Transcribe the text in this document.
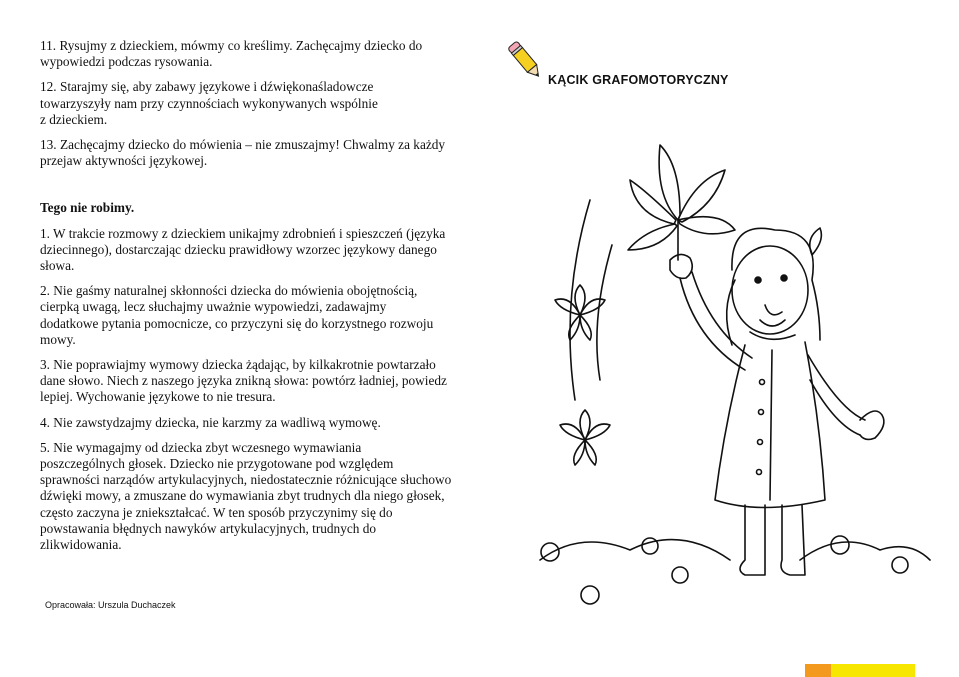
11. Rysujmy z dzieckiem, mówmy co kreślimy. Zachęcajmy dziecko do
wypowiedzi podczas rysowania.

12. Starajmy się, aby zabawy językowe i dźwiękonaśladowcze
towarzyszyły nam przy czynnościach wykonywanych wspólnie
z dzieckiem.

13. Zachęcajmy dziecko do mówienia – nie zmuszajmy! Chwalmy za każdy
przejaw aktywności językowej.

Tego nie robimy.

1. W trakcie rozmowy z dzieckiem unikajmy zdrobnień i spieszczeń (języka
dziecinnego), dostarczając dziecku prawidłowy wzorzec językowy danego
słowa.

2. Nie gaśmy naturalnej skłonności dziecka do mówienia obojętnością,
cierpką uwagą, lecz słuchajmy uważnie wypowiedzi, zadawajmy
dodatkowe pytania pomocnicze, co przyczyni się do korzystnego rozwoju
mowy.

3. Nie poprawiajmy wymowy dziecka żądając, by kilkakrotnie powtarzało
dane słowo. Niech z naszego języka znikną słowa: powtórz ładniej, powiedz
lepiej. Wychowanie językowe to nie tresura.

4. Nie zawstydzajmy dziecka, nie karzmy za wadliwą wymowę.

5. Nie wymagajmy od dziecka zbyt wczesnego wymawiania
poszczególnych głosek. Dziecko nie przygotowane pod względem
sprawności narządów artykulacyjnych, niedostatecznie różnicujące słuchowo
dźwięki mowy, a zmuszane do wymawiania zbyt trudnych dla niego głosek,
często zaczyna je zniekształcać. W ten sposób przyczynimy się do
powstawania błędnych nawyków artykulacyjnych, trudnych do
zlikwidowania.

Opracowała: Urszula Duchaczek
KĄCIK GRAFOMOTORYCZNY
